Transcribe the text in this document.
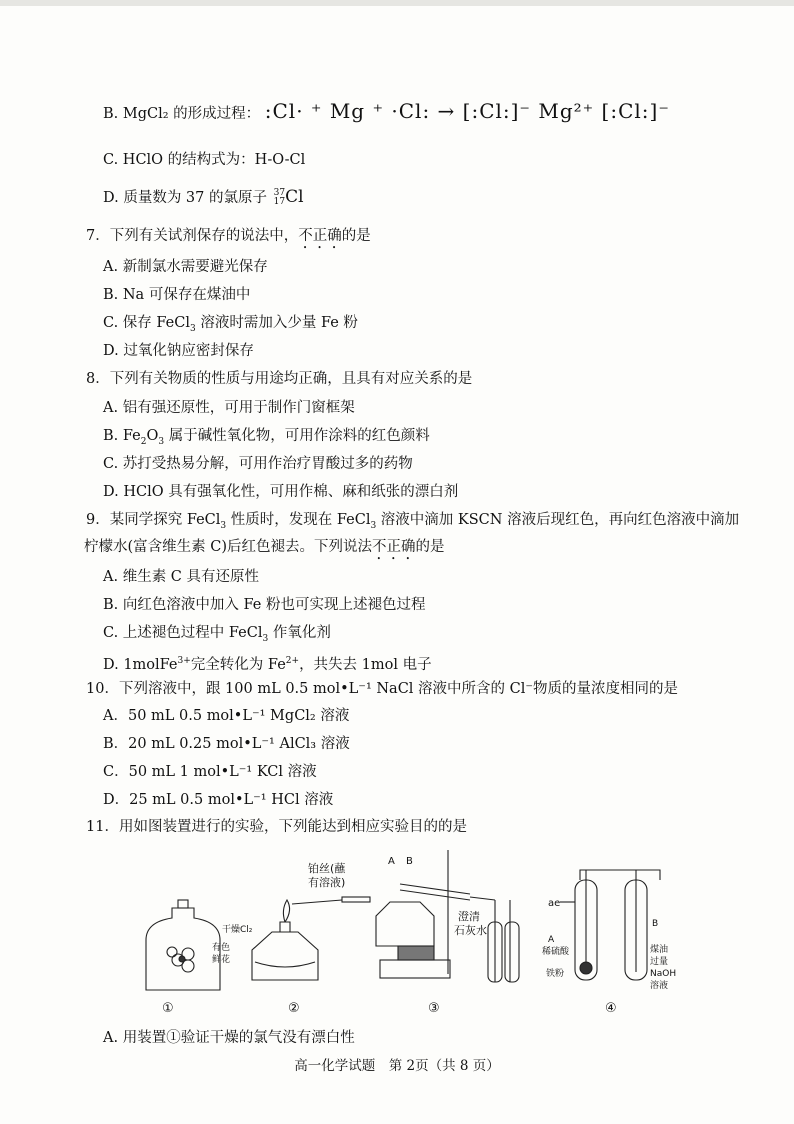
B. MgCl₂ 的形成过程： :Cl· ⁺ Mg ⁺ ·Cl: → [:Cl:]⁻ Mg²⁺ [:Cl:]⁻
C. HClO 的结构式为：H-O-Cl
D. 质量数为 37 的氯原子 37
17Cl
7．下列有关试剂保存的说法中，不正确的是
A. 新制氯水需要避光保存
B. Na 可保存在煤油中
C. 保存 FeCl$_3$ 溶液时需加入少量 Fe 粉
D. 过氧化钠应密封保存
8．下列有关物质的性质与用途均正确，且具有对应关系的是
A. 铝有强还原性，可用于制作门窗框架
B. $Fe_2O_3$ 属于碱性氧化物，可用作涂料的红色颜料
C. 苏打受热易分解，可用作治疗胃酸过多的药物
D. HClO 具有强氧化性，可用作棉、麻和纸张的漂白剂
9．某同学探究 FeCl$_3$ 性质时，发现在 FeCl$_3$ 溶液中滴加 KSCN 溶液后现红色，再向红色溶液中滴加
柠檬水(富含维生素 C)后红色褪去。下列说法不正确的是
A. 维生素 C 具有还原性
B. 向红色溶液中加入 Fe 粉也可实现上述褪色过程
C. 上述褪色过程中 FeCl$_3$ 作氧化剂
D. 1molFe$^{3+}$完全转化为 $Fe^{2+}$，共失去 1mol 电子
10．下列溶液中，跟 100 mL 0.5 mol•L⁻¹ NaCl 溶液中所含的 Cl⁻物质的量浓度相同的是
A．50 mL 0.5 mol•L⁻¹ MgCl₂ 溶液
B．20 mL 0.25 mol•L⁻¹ AlCl₃ 溶液
C．50 mL 1 mol•L⁻¹ KCl 溶液
D．25 mL 0.5 mol•L⁻¹ HCl 溶液
11．用如图装置进行的实验，下列能达到相应实验目的的是
干燥Cl₂
有色
鲜花
铂丝(蘸
有溶液)
A B
澄清
石灰水
ae
A
稀硫酸
铁粉
B
煤油
过量
NaOH
溶液
①	②	③	④
A. 用装置①验证干燥的氯气没有漂白性
高一化学试题　第 2页（共 8 页）
